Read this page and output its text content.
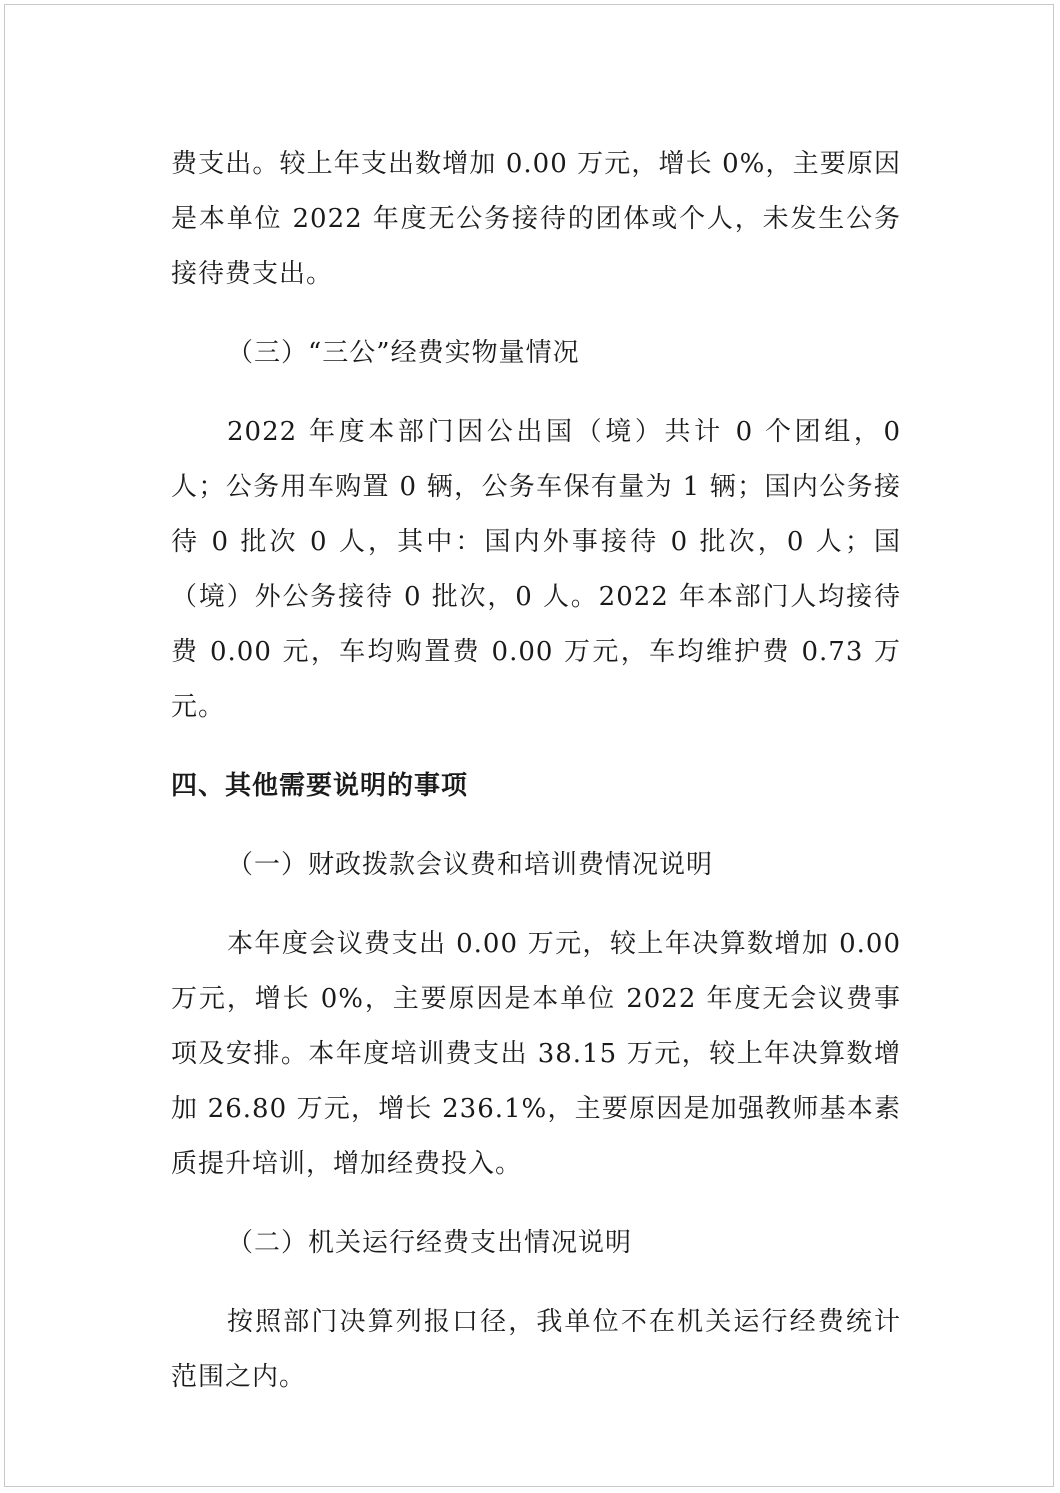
费支出。较上年支出数增加 0.00 万元，增长 0%，主要原因是本单位 2022 年度无公务接待的团体或个人，未发生公务接待费支出。

（三）“三公”经费实物量情况

2022 年度本部门因公出国（境）共计 0 个团组，0 人；公务用车购置 0 辆，公务车保有量为 1 辆；国内公务接待 0 批次 0 人，其中：国内外事接待 0 批次，0 人；国（境）外公务接待 0 批次，0 人。2022 年本部门人均接待费 0.00 元，车均购置费 0.00 万元，车均维护费 0.73 万元。

四、其他需要说明的事项

（一）财政拨款会议费和培训费情况说明

本年度会议费支出 0.00 万元，较上年决算数增加 0.00 万元，增长 0%，主要原因是本单位 2022 年度无会议费事项及安排。本年度培训费支出 38.15 万元，较上年决算数增加 26.80 万元，增长 236.1%，主要原因是加强教师基本素质提升培训，增加经费投入。

（二）机关运行经费支出情况说明

按照部门决算列报口径，我单位不在机关运行经费统计范围之内。
